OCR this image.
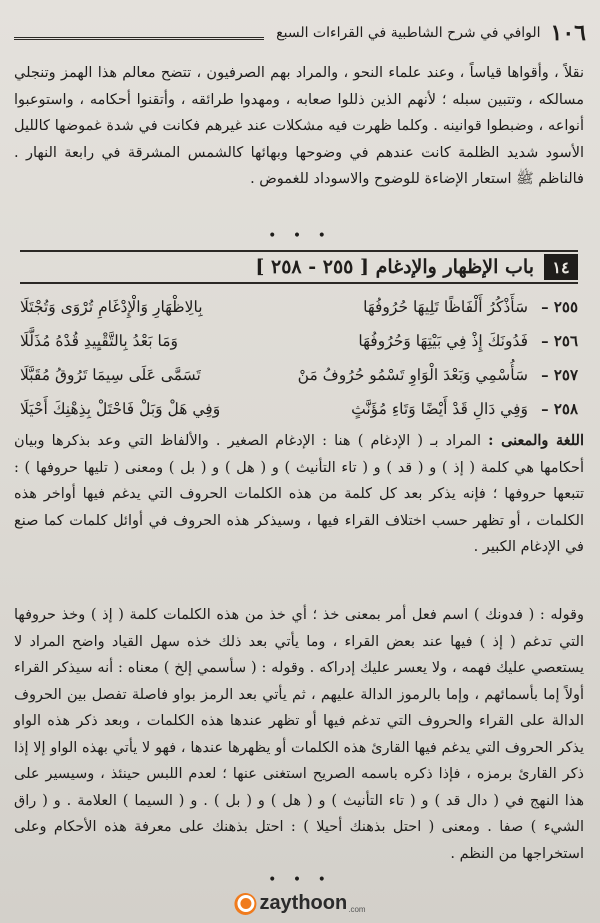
١٠٦
الوافي في شرح الشاطبية في القراءات السبع

نقلاً ، وأقواها قياساً ، وعند علماء النحو ، والمراد بهم الصرفيون ، تتضح معالم هذا الهمز وتنجلي مسالكه ، وتتبين سبله ؛ لأنهم الذين ذللوا صعابه ، ومهدوا طرائقه ، وأتقنوا أحكامه ، واستوعبوا أنواعه ، وضبطوا قوانينه . وكلما ظهرت فيه مشكلات عند غيرهم فكانت في شدة غموضها كالليل الأسود شديد الظلمة كانت عندهم في وضوحها وبهائها كالشمس المشرقة في رابعة النهار . فالناظم ﷺ استعار الإضاءة للوضوح والاسوداد للغموض .

• • •
١٤
باب الإظهار والإدغام [ ٢٥٥ - ٢٥٨ ]
٢٥٥ –
سَأَذْكُرُ أَلْفَاظًا تَلِيهَا حُرُوفُهَا
بِالِاظْهَارِ وَالْإِدْغَامِ تُرْوَى وَتُجْتَلَا
٢٥٦ –
فَدُونَكَ إِذْ فِي بَيْتِهَا وَحُرُوفُهَا
وَمَا بَعْدُ بِالتَّقْيِيدِ قُدْهُ مُذَلَّلَا
٢٥٧ –
سَأُسْمِي وَبَعْدَ الْوَاوِ تَسْمُو حُرُوفُ مَنْ
تَسَمَّى عَلَى سِيمَا تَرُوقُ مُقَبَّلَا
٢٥٨ –
وَفِي دَالِ قَدْ أَيْضًا وَتَاءِ مُؤَنَّثٍ
وَفِي هَلْ وَبَلْ فَاحْتَلْ بِذِهْنِكَ أَحْيَلَا

اللغة والمعنى : المراد بـ ( الإدغام ) هنا : الإدغام الصغير . والألفاظ التي وعد بذكرها وبيان أحكامها هي كلمة ( إذ ) و ( قد ) و ( تاء التأنيث ) و ( هل ) و ( بل ) ومعنى ( تليها حروفها ) : تتبعها حروفها ؛ فإنه يذكر بعد كل كلمة من هذه الكلمات الحروف التي يدغم فيها أواخر هذه الكلمات ، أو تظهر حسب اختلاف القراء فيها ، وسيذكر هذه الحروف في أوائل كلمات كما صنع في الإدغام الكبير .

وقوله : ( فدونك ) اسم فعل أمر بمعنى خذ ؛ أي خذ من هذه الكلمات كلمة ( إذ ) وخذ حروفها التي تدغم ( إذ ) فيها عند بعض القراء ، وما يأتي بعد ذلك خذه سهل القياد واضح المراد لا يستعصي عليك فهمه ، ولا يعسر عليك إدراكه . وقوله : ( سأسمي إلخ ) معناه : أنه سيذكر القراء أولاً إما بأسمائهم ، وإما بالرموز الدالة عليهم ، ثم يأتي بعد الرمز بواو فاصلة تفصل بين الحروف الدالة على القراء والحروف التي تدغم فيها أو تظهر عندها هذه الكلمات ، وبعد ذكر هذه الواو يذكر الحروف التي يدغم فيها القارئ هذه الكلمات أو يظهرها عندها ، فهو لا يأتي بهذه الواو إلا إذا ذكر القارئ برمزه ، فإذا ذكره باسمه الصريح استغنى عنها ؛ لعدم اللبس حينئذ ، وسيسير على هذا النهج في ( دال قد ) و ( تاء التأنيث ) و ( هل ) و ( بل ) . و ( السيما ) العلامة . و ( راق الشيء ) صفا . ومعنى ( احتل بذهنك أحيلا ) : احتل بذهنك على معرفة هذه الأحكام وعلى استخراجها من النظم .

• • •
zaythoon .com
